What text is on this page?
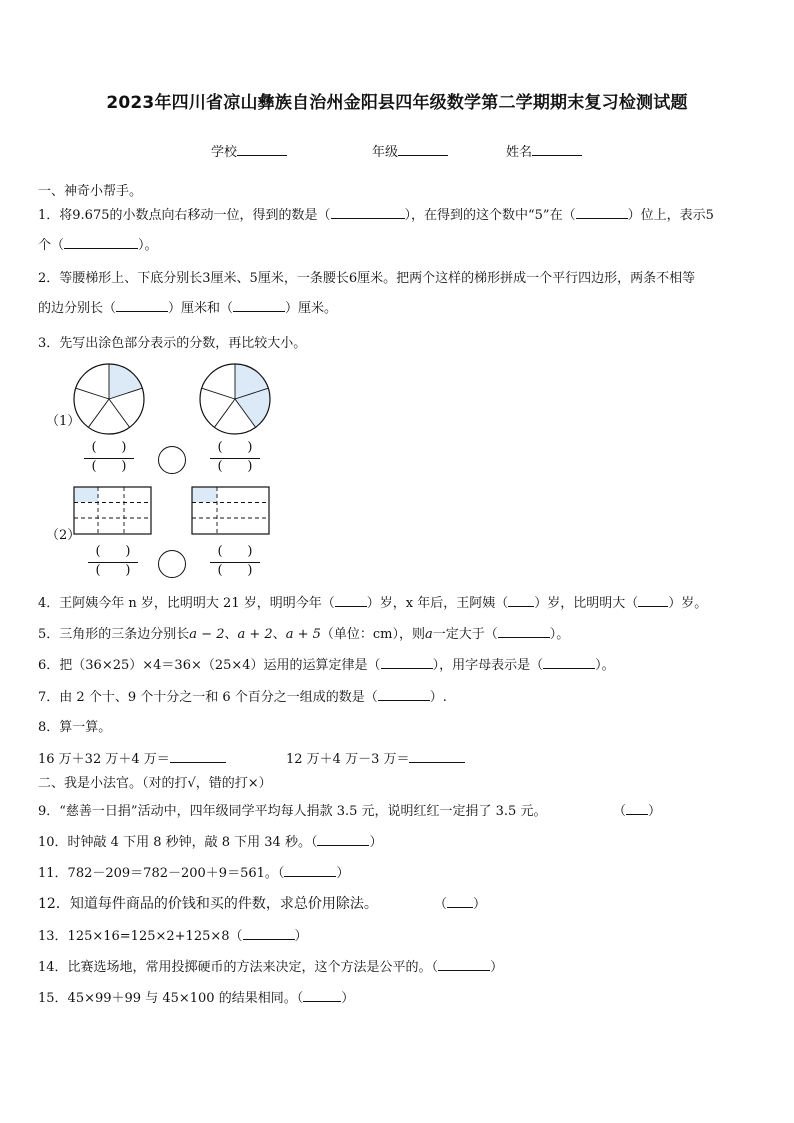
2023年四川省凉山彝族自治州金阳县四年级数学第二学期期末复习检测试题
学校	年级	姓名
一、神奇小帮手。
1．将9.675的小数点向右移动一位，得到的数是（	），在得到的这个数中“5”在（	）位上，表示5
个（	）。
2．等腰梯形上、下底分别长3厘米、5厘米，一条腰长6厘米。把两个这样的梯形拼成一个平行四边形，两条不相等
的边分别长（	）厘米和（	）厘米。
3．先写出涂色部分表示的分数，再比较大小。
（1）
(      )
(      )
(      )
(      )
（2）
(      )
(      )
(      )
(      )
4．王阿姨今年 n 岁，比明明大 21 岁，明明今年（ ）岁，x 年后，王阿姨（ ）岁，比明明大（ ）岁。
5．三角形的三条边分别长a − 2、a + 2、a + 5（单位：cm），则a一定大于（	）。
6．把（36×25）×4＝36×（25×4）运用的运算定律是（	），用字母表示是（	）。
7．由 2 个十、9 个十分之一和 6 个百分之一组成的数是（	）.
8．算一算。
16 万＋32 万＋4 万＝	12 万＋4 万－3 万＝
二、我是小法官。（对的打√，错的打×）
9．“慈善一日捐”活动中，四年级同学平均每人捐款 3.5 元，说明红红一定捐了 3.5 元。	（ ）
10．时钟敲 4 下用 8 秒钟，敲 8 下用 34 秒。（	）
11．782－209＝782－200＋9＝561。（	）
12．知道每件商品的价钱和买的件数，求总价用除法。	（ ）
13．125×16=125×2+125×8（	）
14．比赛选场地，常用投掷硬币的方法来决定，这个方法是公平的。（	）
15．45×99＋99 与 45×100 的结果相同。（	）
